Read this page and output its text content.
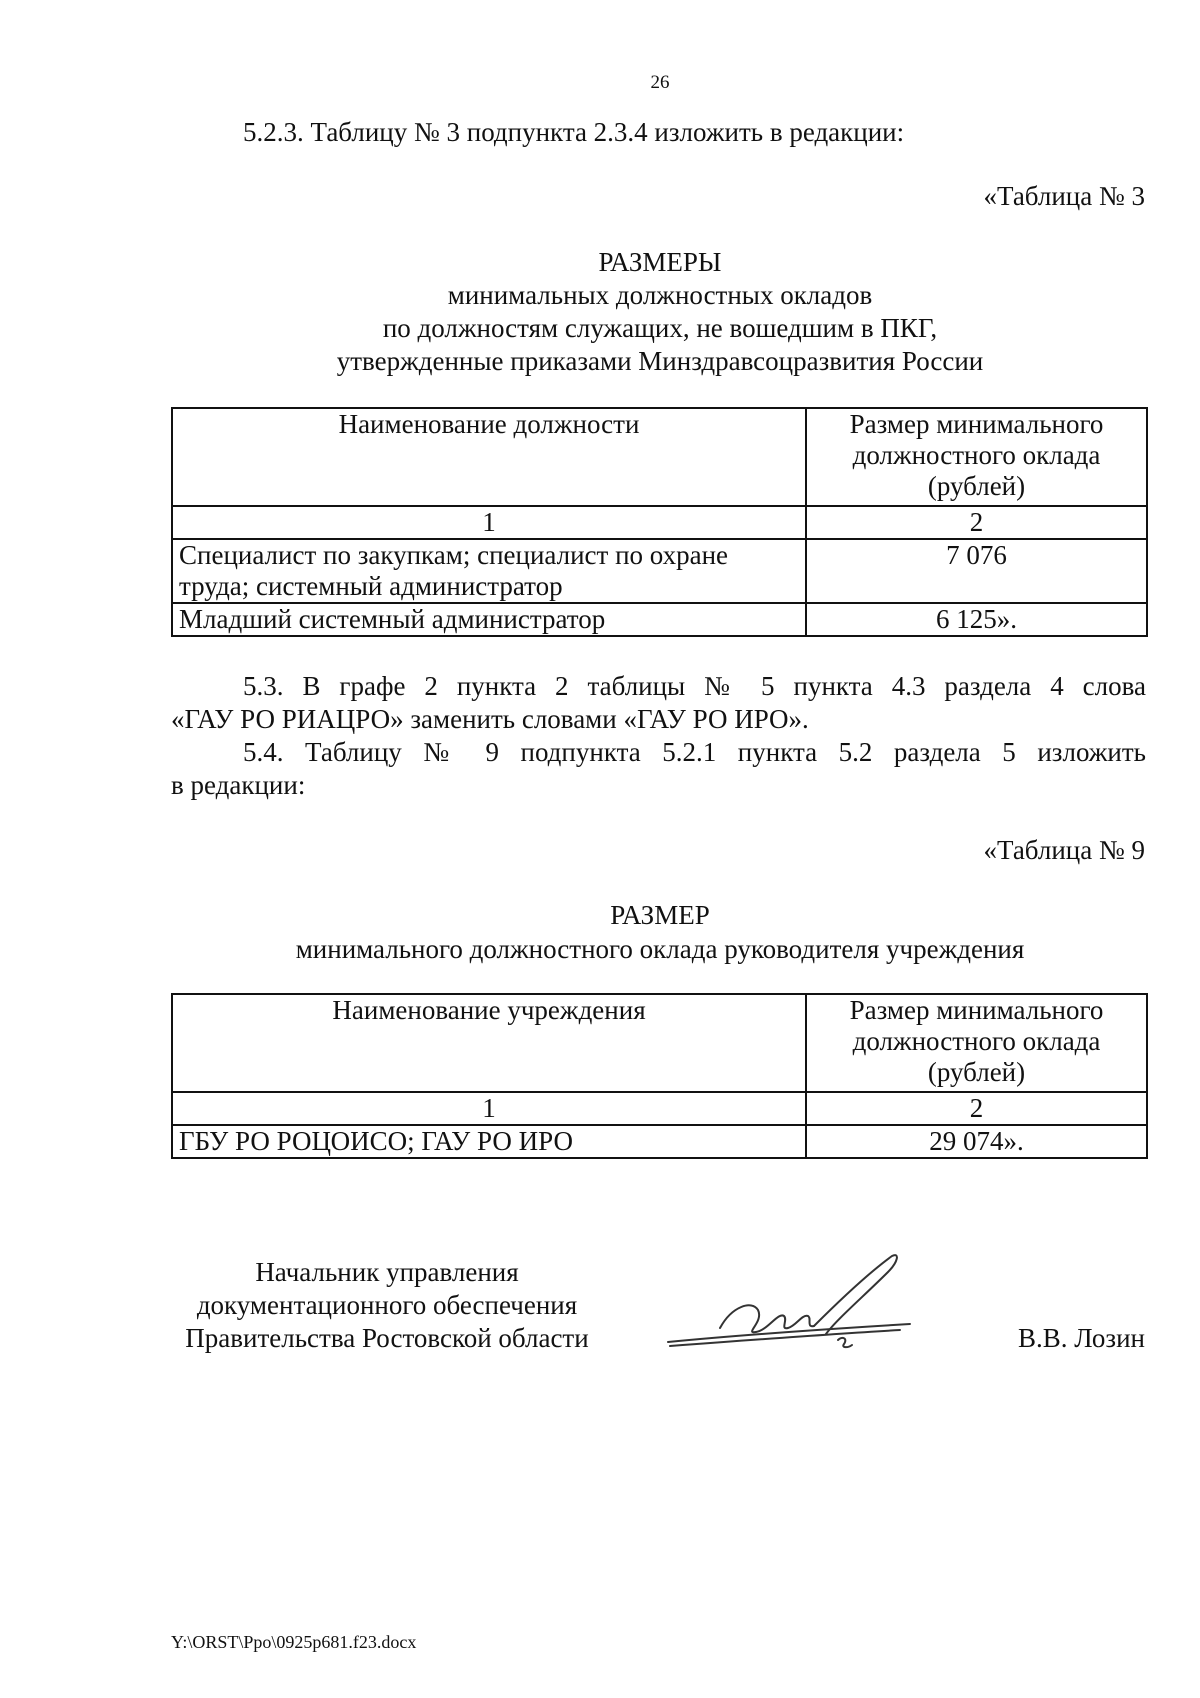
26
5.2.3. Таблицу № 3 подпункта 2.3.4 изложить в редакции:
«Таблица № 3
РАЗМЕРЫ
минимальных должностных окладов
по должностям служащих, не вошедшим в ПКГ,
утвержденные приказами Минздравсоцразвития России
Наименование должности	Размер минимального
должностного оклада
(рублей)

1	2

Специалист по закупкам; специалист по охране
труда; системный администратор	7 076
Младший системный администратор	6 125».
5.3. В графе 2 пункта 2 таблицы № 5 пункта 4.3 раздела 4 слова
«ГАУ РО РИАЦРО» заменить словами «ГАУ РО ИРО».
5.4. Таблицу № 9 подпункта 5.2.1 пункта 5.2 раздела 5 изложить
в редакции:
«Таблица № 9
РАЗМЕР
минимального должностного оклада руководителя учреждения
Наименование учреждения	Размер минимального
должностного оклада
(рублей)

1	2
ГБУ РО РОЦОИСО; ГАУ РО ИРО	29 074».
Начальник управления
документационного обеспечения
Правительства Ростовской области	В.В. Лозин
Y:\ORST\Ppo\0925p681.f23.docx
